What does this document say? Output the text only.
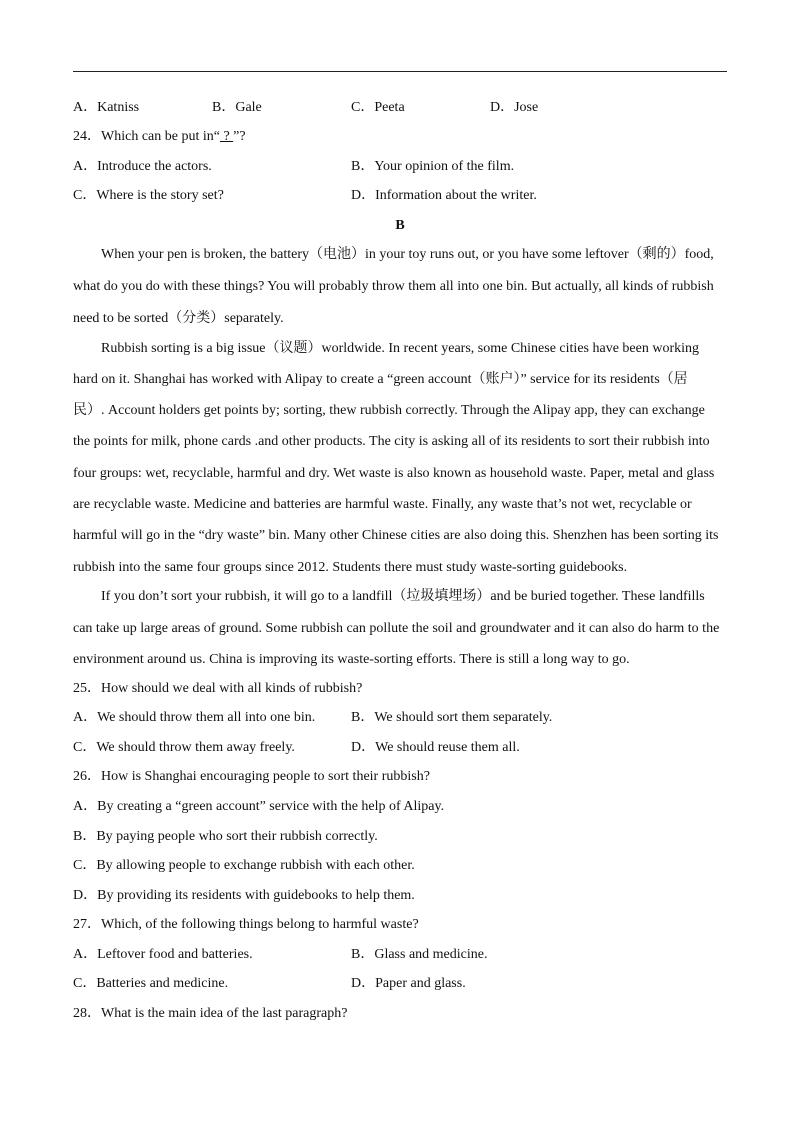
A．Katniss	B．Gale	C．Peeta	D．Jose
24．Which can be put in“ ? ”?
A．Introduce the actors.	B．Your opinion of the film.
C．Where is the story set?	D．Information about the writer.
B
When your pen is broken, the battery（电池）in your toy runs out, or you have some leftover（剩的）food,
what do you do with these things? You will probably throw them all into one bin. But actually, all kinds of rubbish
need to be sorted（分类）separately.
Rubbish sorting is a big issue（议题）worldwide. In recent years, some Chinese cities have been working
hard on it. Shanghai has worked with Alipay to create a “green account（账户）” service for its residents（居
民）. Account holders get points by; sorting, thew rubbish correctly. Through the Alipay app, they can exchange
the points for milk, phone cards .and other products. The city is asking all of its residents to sort their rubbish into
four groups: wet, recyclable, harmful and dry. Wet waste is also known as household waste. Paper, metal and glass
are recyclable waste. Medicine and batteries are harmful waste. Finally, any waste that’s not wet, recyclable or
harmful will go in the “dry waste” bin. Many other Chinese cities are also doing this. Shenzhen has been sorting its
rubbish into the same four groups since 2012. Students there must study waste-sorting guidebooks.
If you don’t sort your rubbish, it will go to a landfill（垃圾填埋场）and be buried together. These landfills
can take up large areas of ground. Some rubbish can pollute the soil and groundwater and it can also do harm to the
environment around us. China is improving its waste-sorting efforts. There is still a long way to go.
25．How should we deal with all kinds of rubbish?
A．We should throw them all into one bin.	B．We should sort them separately.
C．We should throw them away freely.	D．We should reuse them all.
26．How is Shanghai encouraging people to sort their rubbish?
A．By creating a “green account” service with the help of Alipay.
B．By paying people who sort their rubbish correctly.
C．By allowing people to exchange rubbish with each other.
D．By providing its residents with guidebooks to help them.
27．Which, of the following things belong to harmful waste?
A．Leftover food and batteries.	B．Glass and medicine.
C．Batteries and medicine.	D．Paper and glass.
28．What is the main idea of the last paragraph?
